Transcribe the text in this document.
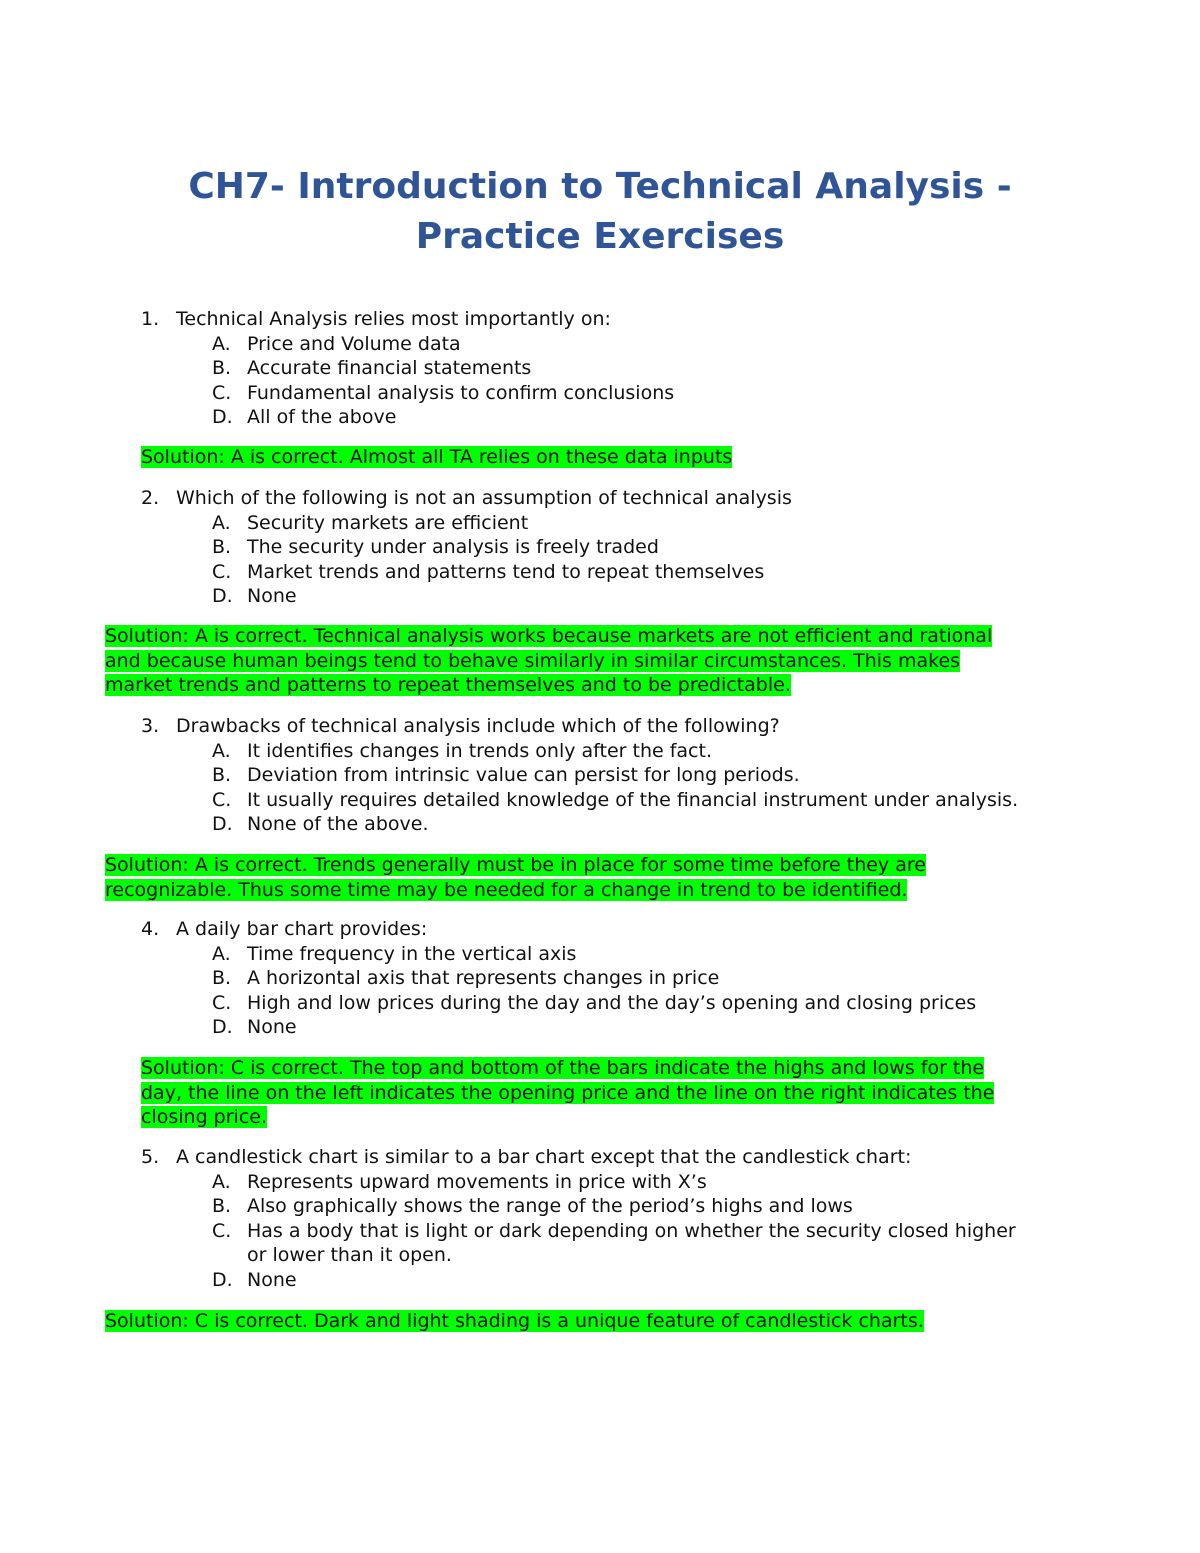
CH7- Introduction to Technical Analysis -
Practice Exercises
1. Technical Analysis relies most importantly on:
A. Price and Volume data
B. Accurate financial statements
C. Fundamental analysis to confirm conclusions
D. All of the above
Solution: A is correct. Almost all TA relies on these data inputs
2. Which of the following is not an assumption of technical analysis
A. Security markets are efficient
B. The security under analysis is freely traded
C. Market trends and patterns tend to repeat themselves
D. None
Solution: A is correct. Technical analysis works because markets are not efficient and rational
and because human beings tend to behave similarly in similar circumstances. This makes
market trends and patterns to repeat themselves and to be predictable.
3. Drawbacks of technical analysis include which of the following?
A. It identifies changes in trends only after the fact.
B. Deviation from intrinsic value can persist for long periods.
C. It usually requires detailed knowledge of the financial instrument under analysis.
D. None of the above.
Solution: A is correct. Trends generally must be in place for some time before they are
recognizable. Thus some time may be needed for a change in trend to be identified.
4. A daily bar chart provides:
A. Time frequency in the vertical axis
B. A horizontal axis that represents changes in price
C. High and low prices during the day and the day’s opening and closing prices
D. None
Solution: C is correct. The top and bottom of the bars indicate the highs and lows for the
day, the line on the left indicates the opening price and the line on the right indicates the
closing price.
5. A candlestick chart is similar to a bar chart except that the candlestick chart:
A. Represents upward movements in price with X’s
B. Also graphically shows the range of the period’s highs and lows
C. Has a body that is light or dark depending on whether the security closed higher
or lower than it open.
D. None
Solution: C is correct. Dark and light shading is a unique feature of candlestick charts.
